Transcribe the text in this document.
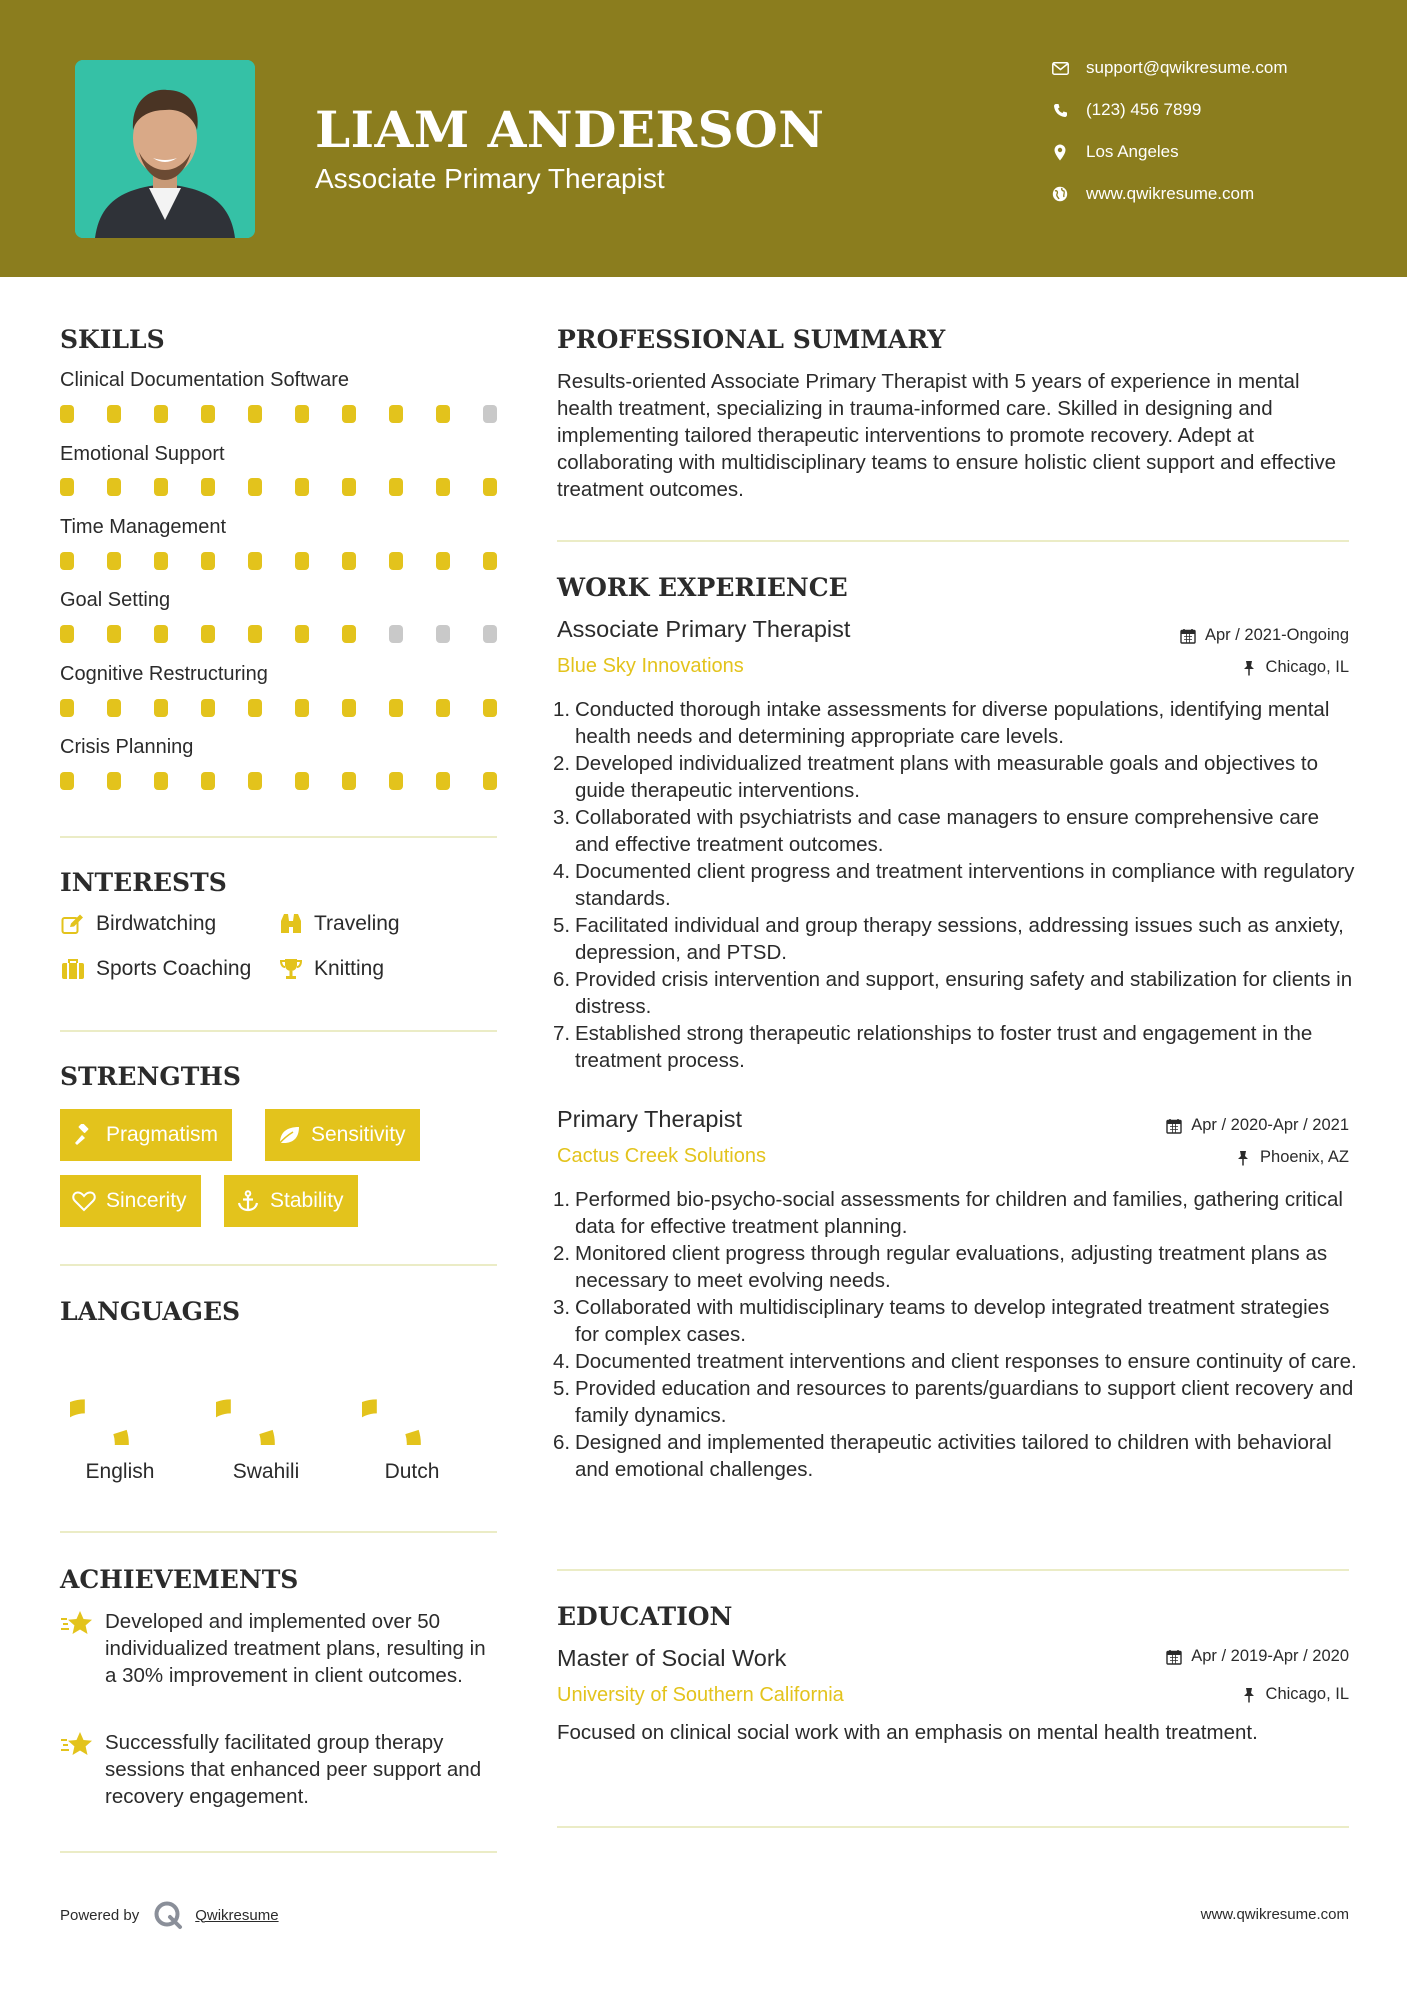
LIAM ANDERSON
Associate Primary Therapist
support@qwikresume.com
(123) 456 7899
Los Angeles
www.qwikresume.com
SKILLS
Clinical Documentation Software
Emotional Support
Time Management
Goal Setting
Cognitive Restructuring
Crisis Planning
INTERESTS
Birdwatching	Traveling
Sports Coaching	Knitting
STRENGTHS
Pragmatism	Sensitivity
Sincerity	Stability
LANGUAGES
English	Swahili	Dutch
ACHIEVEMENTS
Developed and implemented over 50 individualized treatment plans, resulting in a 30% improvement in client outcomes.
Successfully facilitated group therapy sessions that enhanced peer support and recovery engagement.
PROFESSIONAL SUMMARY
Results-oriented Associate Primary Therapist with 5 years of experience in mental health treatment, specializing in trauma-informed care. Skilled in designing and implementing tailored therapeutic interventions to promote recovery. Adept at collaborating with multidisciplinary teams to ensure holistic client support and effective treatment outcomes.
WORK EXPERIENCE
Associate Primary Therapist	Apr / 2021-Ongoing
Blue Sky Innovations	Chicago, IL
Conducted thorough intake assessments for diverse populations, identifying mental health needs and determining appropriate care levels.
Developed individualized treatment plans with measurable goals and objectives to guide therapeutic interventions.
Collaborated with psychiatrists and case managers to ensure comprehensive care and effective treatment outcomes.
Documented client progress and treatment interventions in compliance with regulatory standards.
Facilitated individual and group therapy sessions, addressing issues such as anxiety, depression, and PTSD.
Provided crisis intervention and support, ensuring safety and stabilization for clients in distress.
Established strong therapeutic relationships to foster trust and engagement in the treatment process.
Primary Therapist	Apr / 2020-Apr / 2021
Cactus Creek Solutions	Phoenix, AZ
Performed bio-psycho-social assessments for children and families, gathering critical data for effective treatment planning.
Monitored client progress through regular evaluations, adjusting treatment plans as necessary to meet evolving needs.
Collaborated with multidisciplinary teams to develop integrated treatment strategies for complex cases.
Documented treatment interventions and client responses to ensure continuity of care.
Provided education and resources to parents/guardians to support client recovery and family dynamics.
Designed and implemented therapeutic activities tailored to children with behavioral and emotional challenges.
EDUCATION
Master of Social Work	Apr / 2019-Apr / 2020
University of Southern California	Chicago, IL
Focused on clinical social work with an emphasis on mental health treatment.
Powered by	Qwikresume	www.qwikresume.com
